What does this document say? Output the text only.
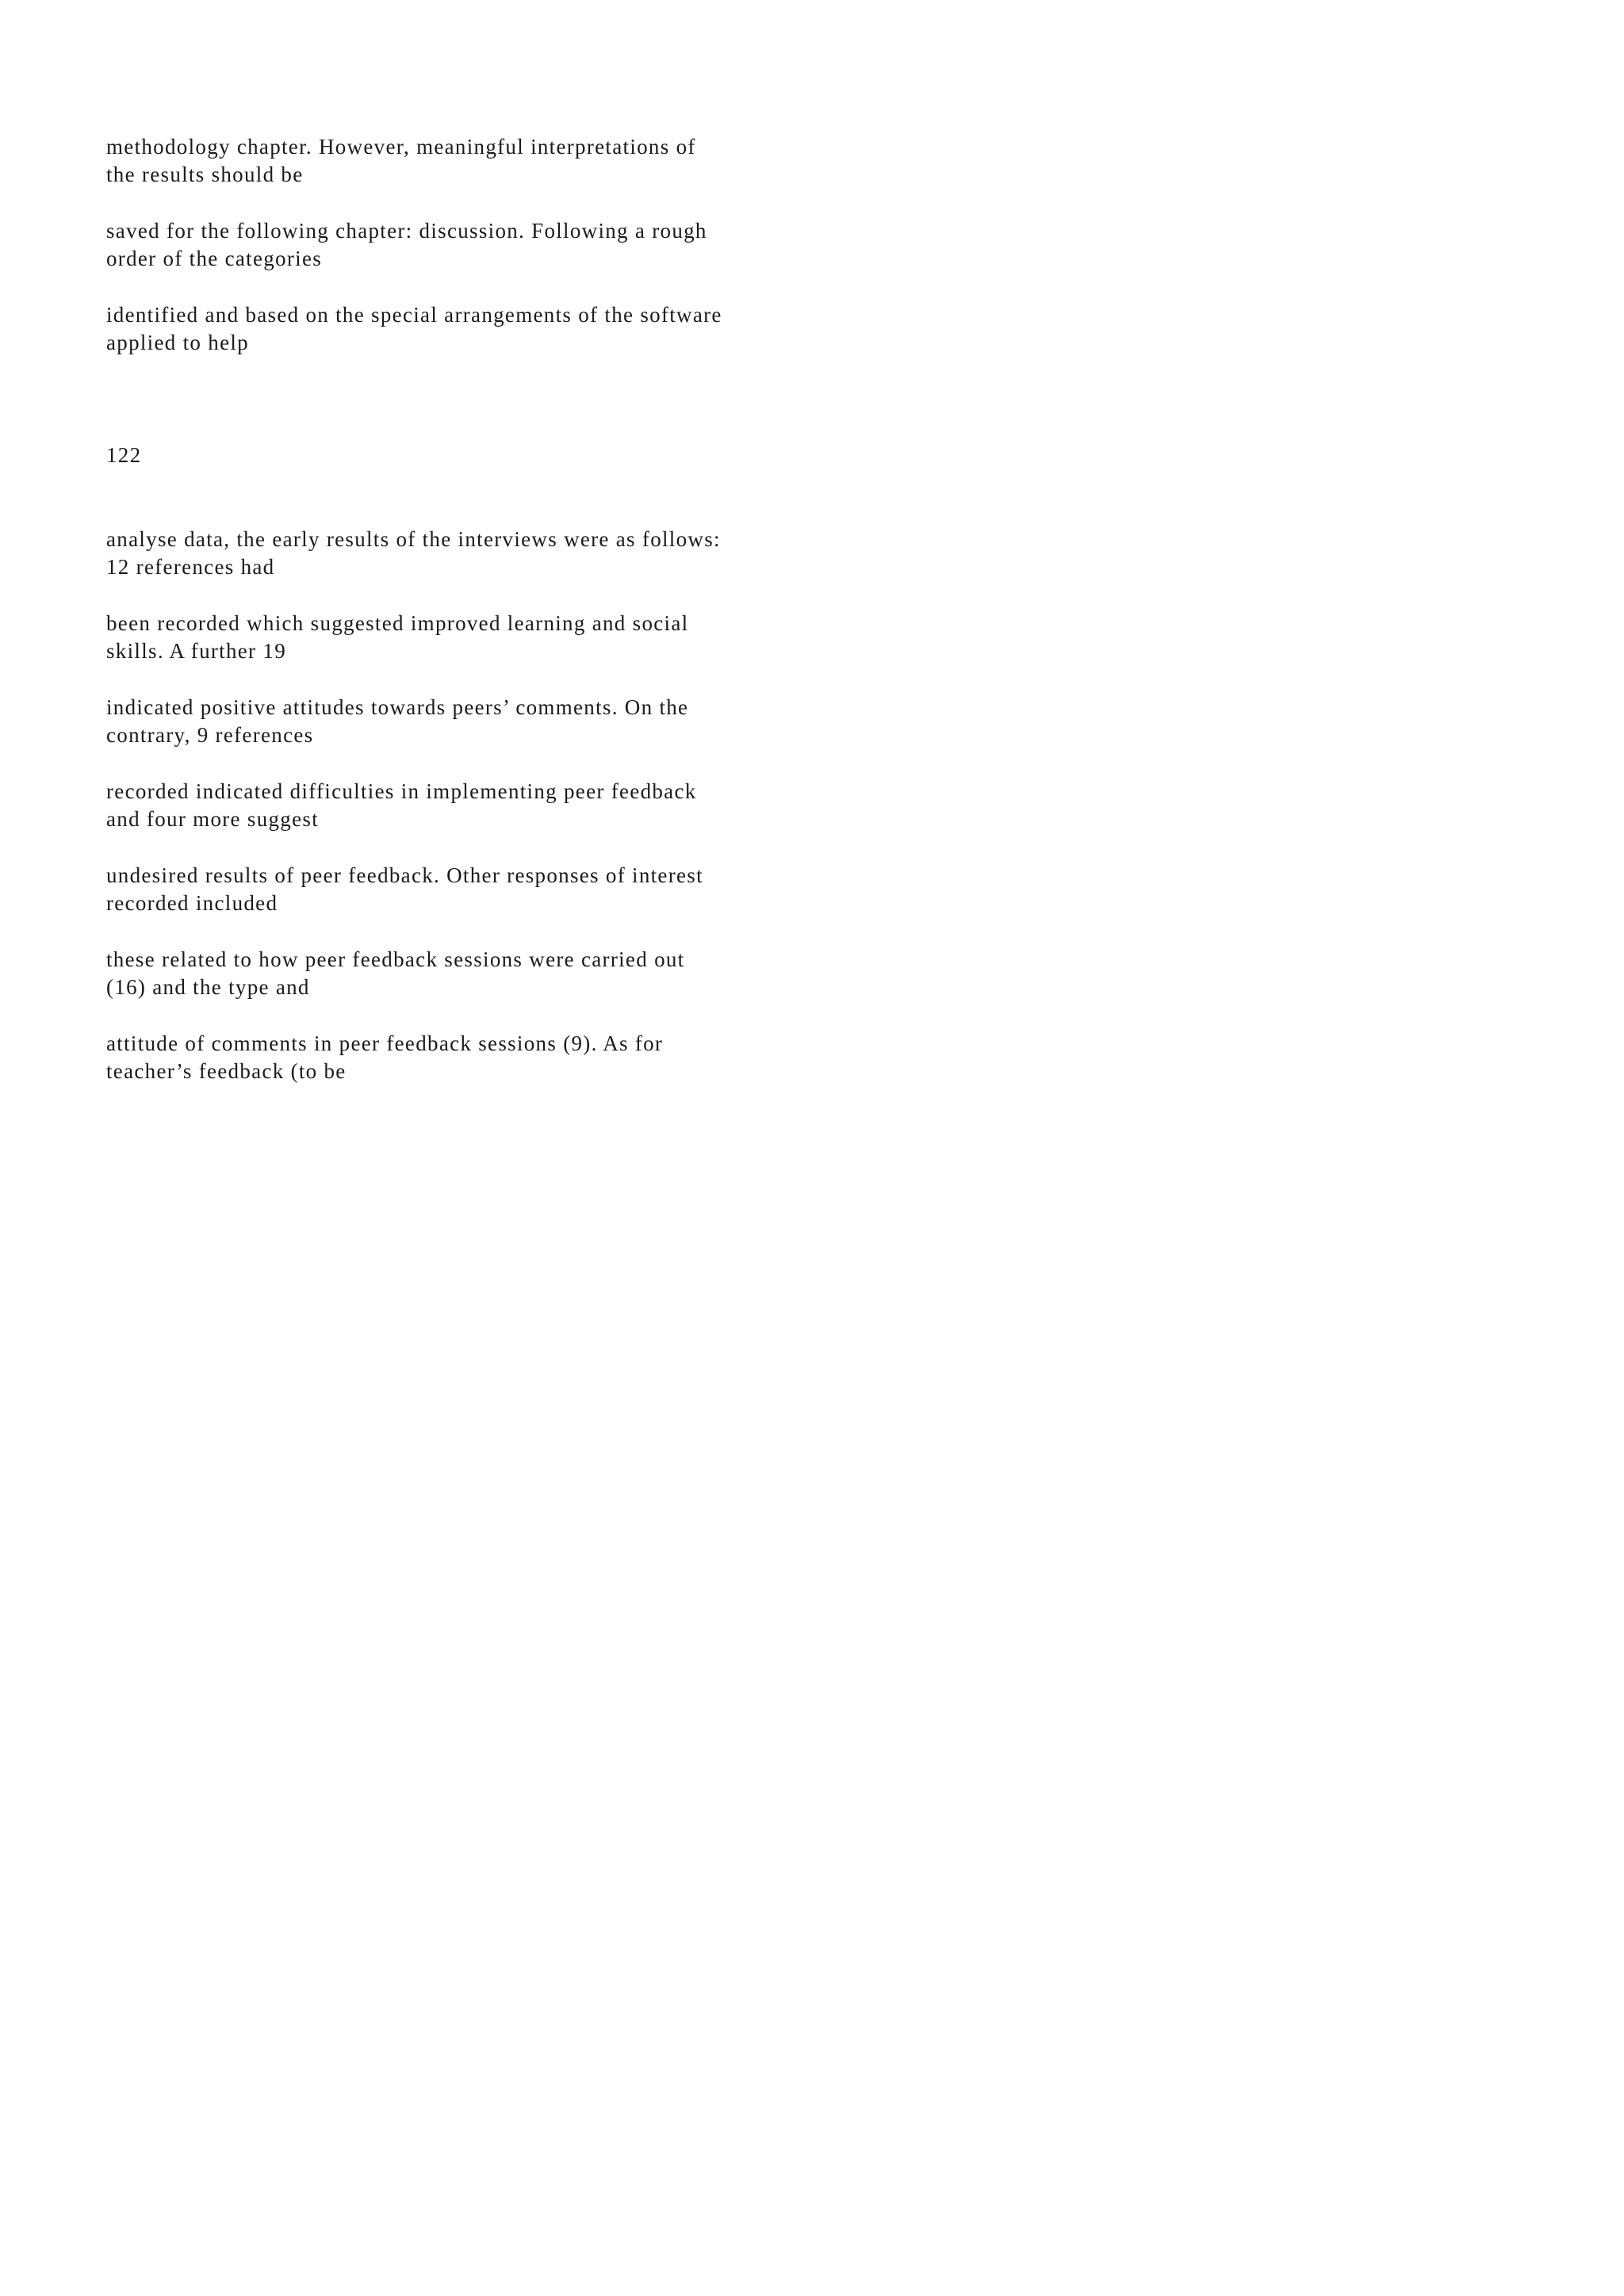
methodology chapter. However, meaningful interpretations of
the results should be

saved for the following chapter: discussion. Following a rough
order of the categories

identified and based on the special arrangements of the software
applied to help

122

analyse data, the early results of the interviews were as follows:
12 references had

been recorded which suggested improved learning and social
skills. A further 19

indicated positive attitudes towards peers’ comments. On the
contrary, 9 references

recorded indicated difficulties in implementing peer feedback
and four more suggest

undesired results of peer feedback. Other responses of interest
recorded included

these related to how peer feedback sessions were carried out
(16) and the type and

attitude of comments in peer feedback sessions (9). As for
teacher’s feedback (to be
